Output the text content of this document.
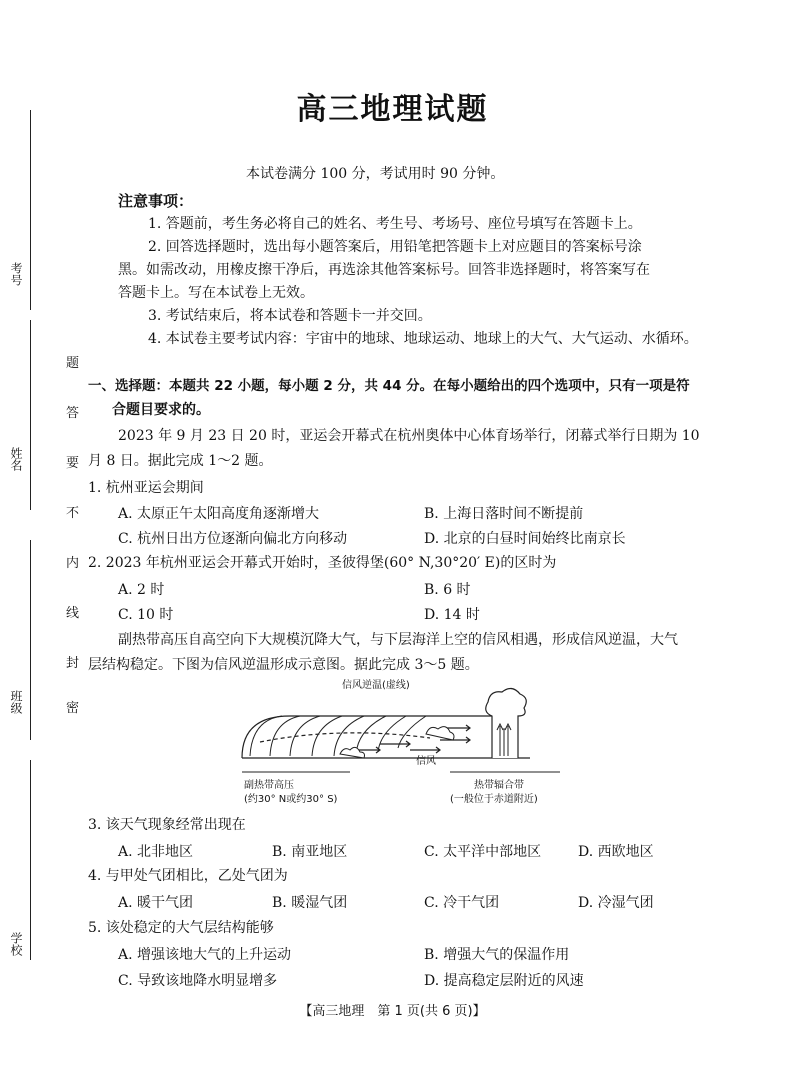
考号
姓名
班级
学校
题
答
要
不
内
线
封
密
高三地理试题
本试卷满分 100 分，考试用时 90 分钟。
注意事项：
1. 答题前，考生务必将自己的姓名、考生号、考场号、座位号填写在答题卡上。
2. 回答选择题时，选出每小题答案后，用铅笔把答题卡上对应题目的答案标号涂
黑。如需改动，用橡皮擦干净后，再选涂其他答案标号。回答非选择题时，将答案写在
答题卡上。写在本试卷上无效。
3. 考试结束后，将本试卷和答题卡一并交回。
4. 本试卷主要考试内容：宇宙中的地球、地球运动、地球上的大气、大气运动、水循环。
一、选择题：本题共 22 小题，每小题 2 分，共 44 分。在每小题给出的四个选项中，只有一项是符
合题目要求的。
2023 年 9 月 23 日 20 时，亚运会开幕式在杭州奥体中心体育场举行，闭幕式举行日期为 10
月 8 日。据此完成 1～2 题。
1. 杭州亚运会期间
A. 太原正午太阳高度角逐渐增大	B. 上海日落时间不断提前
C. 杭州日出方位逐渐向偏北方向移动	D. 北京的白昼时间始终比南京长
2. 2023 年杭州亚运会开幕式开始时，圣彼得堡(60° N,30°20′ E)的区时为
A. 2 时	B. 6 时
C. 10 时	D. 14 时
副热带高压自高空向下大规模沉降大气，与下层海洋上空的信风相遇，形成信风逆温，大气
层结构稳定。下图为信风逆温形成示意图。据此完成 3～5 题。
信风逆温(虚线)
信风
副热带高压
(约30° N或约30° S)
热带辐合带
(一般位于赤道附近)
3. 该天气现象经常出现在
A. 北非地区	B. 南亚地区	C. 太平洋中部地区	D. 西欧地区
4. 与甲处气团相比，乙处气团为
A. 暖干气团	B. 暖湿气团	C. 冷干气团	D. 冷湿气团
5. 该处稳定的大气层结构能够
A. 增强该地大气的上升运动	B. 增强大气的保温作用
C. 导致该地降水明显增多	D. 提高稳定层附近的风速
【高三地理　第 1 页(共 6 页)】
